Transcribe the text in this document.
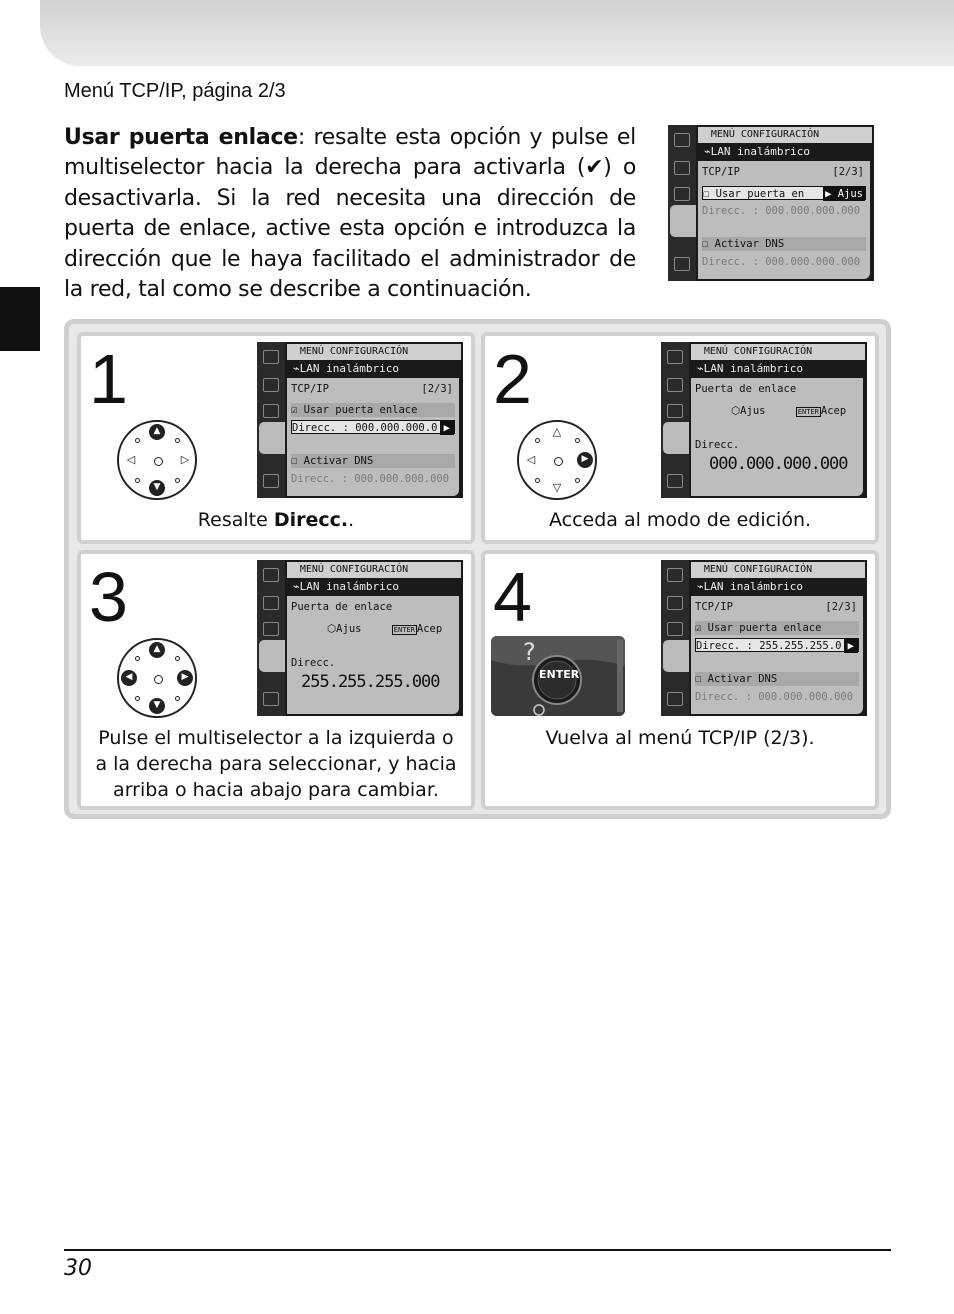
Menú TCP/IP, página 2/3

Usar puerta enlace: resalte esta opción y pulse el multiselector hacia la derecha para activarla (✔) o desactivarla. Si la red necesita una dirección de puerta de enlace, active esta opción e introduzca la dirección que le haya facilitado el administrador de la red, tal como se describe a continuación.

MENÚ CONFIGURACIÓN
⌁LAN inalámbrico
TCP/IP	[2/3]
☐ Usar puerta en ▶ Ajus
Direcc. : 000.000.000.000
☐ Activar DNS
Direcc. : 000.000.000.000
1
▲
▼
◁	▷
MENÚ CONFIGURACIÓN
⌁LAN inalámbrico
TCP/IP	[2/3]
☑ Usar puerta enlace
Direcc. : 000.000.000.0 ▶
☐ Activar DNS
Direcc. : 000.000.000.000
Resalte Direcc..
2
△
▽
◁	▶
MENÚ CONFIGURACIÓN
⌁LAN inalámbrico
Puerta de enlace
⬡Ajus	ENTER Acep
Direcc.
000.000.000.000
Acceda al modo de edición.
3
▲
▼
◀	▶
MENÚ CONFIGURACIÓN
⌁LAN inalámbrico
Puerta de enlace
⬡Ajus	ENTER Acep
Direcc.
255.255.255.000
Pulse el multiselector a la izquierda o a la derecha para seleccionar, y hacia arriba o hacia abajo para cambiar.
4
?
ENTER
MENÚ CONFIGURACIÓN
⌁LAN inalámbrico
TCP/IP	[2/3]
☑ Usar puerta enlace
Direcc. : 255.255.255.0 ▶
☐ Activar DNS
Direcc. : 000.000.000.000
Vuelva al menú TCP/IP (2/3).
30
